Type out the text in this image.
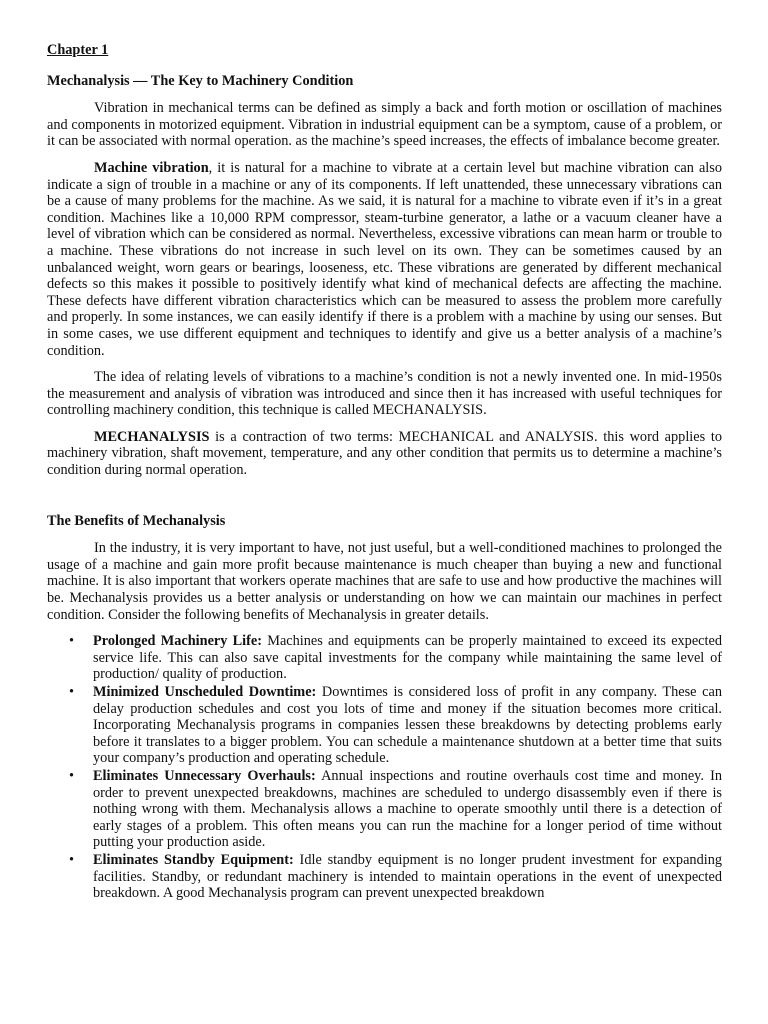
Chapter 1
Mechanalysis — The Key to Machinery Condition

Vibration in mechanical terms can be defined as simply a back and forth motion or oscillation of machines and components in motorized equipment. Vibration in industrial equipment can be a symptom, cause of a problem, or it can be associated with normal operation. as the machine’s speed increases, the effects of imbalance become greater.

Machine vibration, it is natural for a machine to vibrate at a certain level but machine vibration can also indicate a sign of trouble in a machine or any of its components. If left unattended, these unnecessary vibrations can be a cause of many problems for the machine. As we said, it is natural for a machine to vibrate even if it’s in a great condition. Machines like a 10,000 RPM compressor, steam-turbine generator, a lathe or a vacuum cleaner have a level of vibration which can be considered as normal. Nevertheless, excessive vibrations can mean harm or trouble to a machine. These vibrations do not increase in such level on its own. They can be sometimes caused by an unbalanced weight, worn gears or bearings, looseness, etc. These vibrations are generated by different mechanical defects so this makes it possible to positively identify what kind of mechanical defects are affecting the machine. These defects have different vibration characteristics which can be measured to assess the problem more carefully and properly. In some instances, we can easily identify if there is a problem with a machine by using our senses. But in some cases, we use different equipment and techniques to identify and give us a better analysis of a machine’s condition.

The idea of relating levels of vibrations to a machine’s condition is not a newly invented one. In mid-1950s the measurement and analysis of vibration was introduced and since then it has increased with useful techniques for controlling machinery condition, this technique is called MECHANALYSIS.

MECHANALYSIS is a contraction of two terms: MECHANICAL and ANALYSIS. this word applies to machinery vibration, shaft movement, temperature, and any other condition that permits us to determine a machine’s condition during normal operation.

The Benefits of Mechanalysis

In the industry, it is very important to have, not just useful, but a well-conditioned machines to prolonged the usage of a machine and gain more profit because maintenance is much cheaper than buying a new and functional machine. It is also important that workers operate machines that are safe to use and how productive the machines will be. Mechanalysis provides us a better analysis or understanding on how we can maintain our machines in perfect condition. Consider the following benefits of Mechanalysis in greater details.

• Prolonged Machinery Life: Machines and equipments can be properly maintained to exceed its expected service life. This can also save capital investments for the company while maintaining the same level of production/ quality of production.
• Minimized Unscheduled Downtime: Downtimes is considered loss of profit in any company. These can delay production schedules and cost you lots of time and money if the situation becomes more critical. Incorporating Mechanalysis programs in companies lessen these breakdowns by detecting problems early before it translates to a bigger problem. You can schedule a maintenance shutdown at a better time that suits your company’s production and operating schedule.
• Eliminates Unnecessary Overhauls: Annual inspections and routine overhauls cost time and money. In order to prevent unexpected breakdowns, machines are scheduled to undergo disassembly even if there is nothing wrong with them. Mechanalysis allows a machine to operate smoothly until there is a detection of early stages of a problem. This often means you can run the machine for a longer period of time without putting your production aside.
• Eliminates Standby Equipment: Idle standby equipment is no longer prudent investment for expanding facilities. Standby, or redundant machinery is intended to maintain operations in the event of unexpected breakdown. A good Mechanalysis program can prevent unexpected breakdown
